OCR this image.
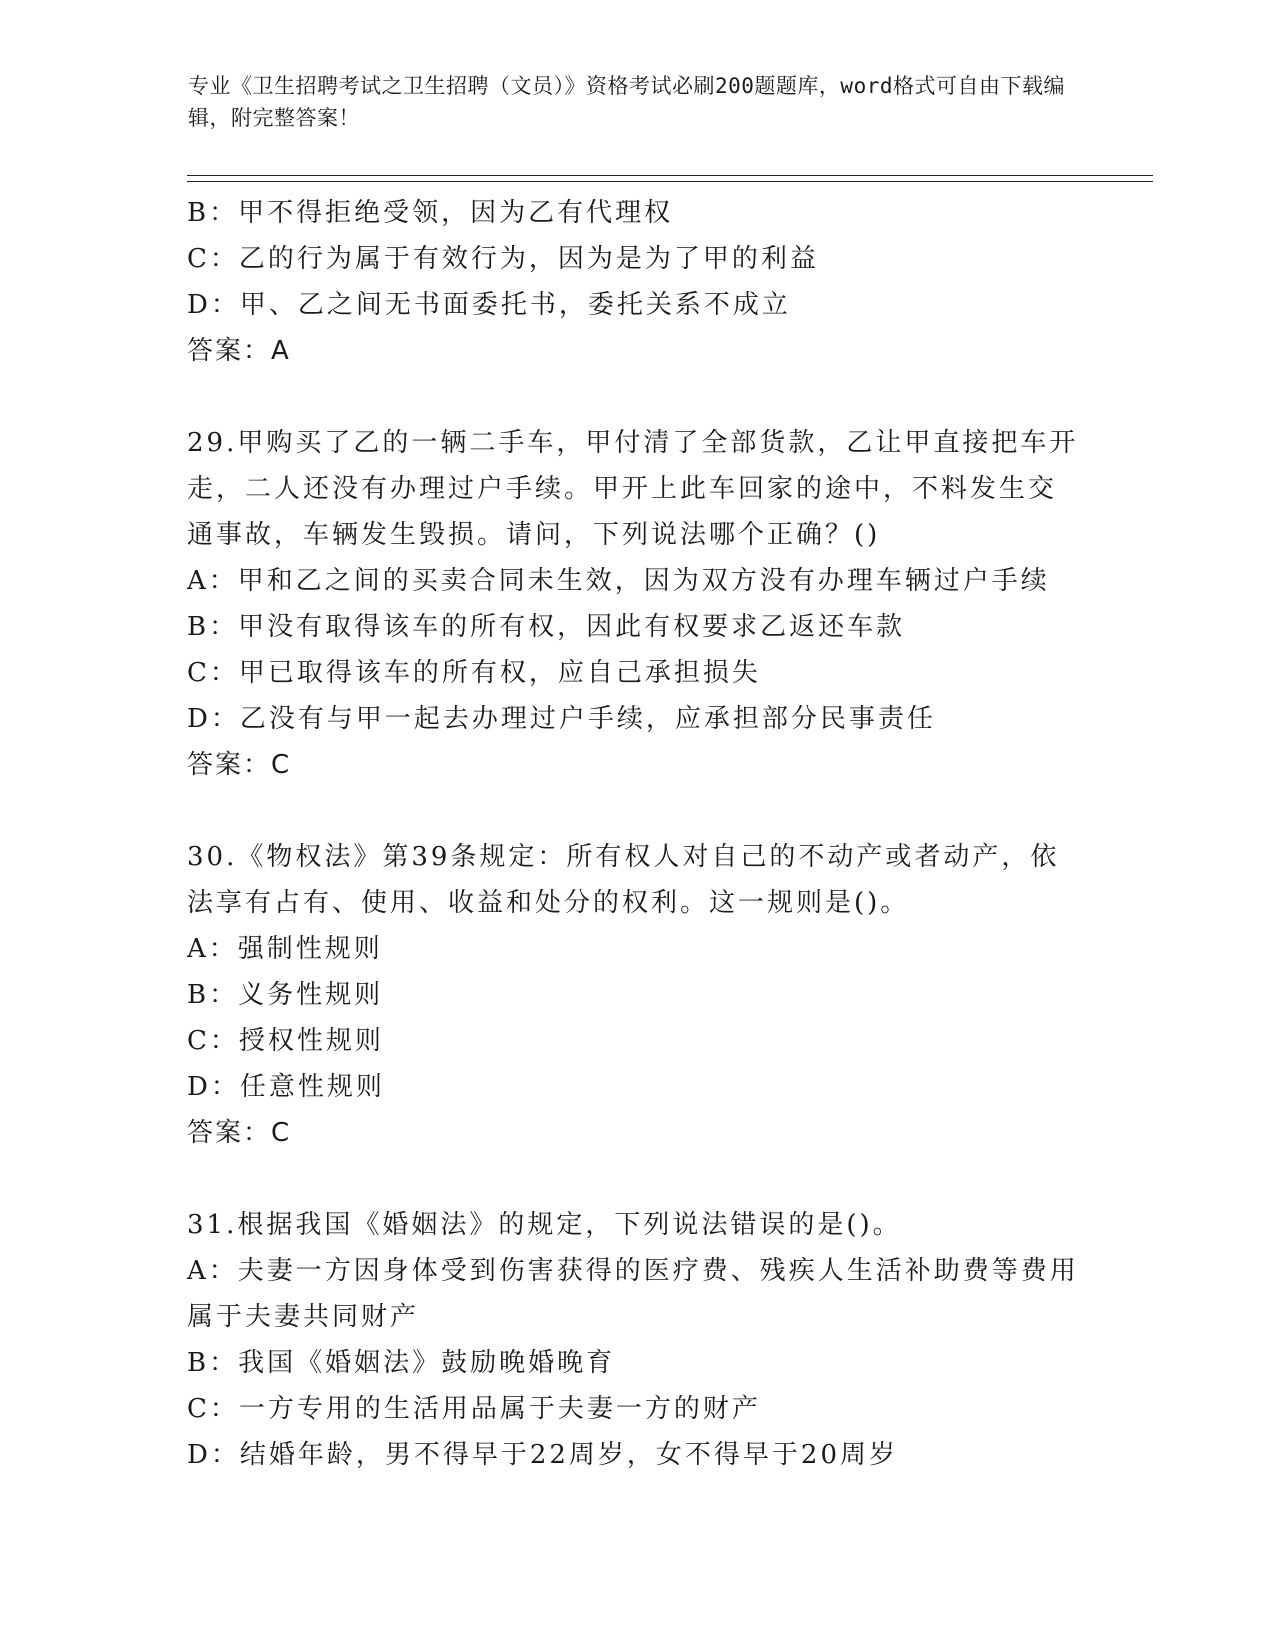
专业《卫生招聘考试之卫生招聘（文员）》资格考试必刷200题题库，word格式可自由下载编辑，附完整答案！

B：甲不得拒绝受领，因为乙有代理权

C：乙的行为属于有效行为，因为是为了甲的利益

D：甲、乙之间无书面委托书，委托关系不成立

答案：A

29.甲购买了乙的一辆二手车，甲付清了全部货款，乙让甲直接把车开

走，二人还没有办理过户手续。甲开上此车回家的途中，不料发生交

通事故，车辆发生毁损。请问，下列说法哪个正确？()

A：甲和乙之间的买卖合同未生效，因为双方没有办理车辆过户手续

B：甲没有取得该车的所有权，因此有权要求乙返还车款

C：甲已取得该车的所有权，应自己承担损失

D：乙没有与甲一起去办理过户手续，应承担部分民事责任

答案：C

30.《物权法》第39条规定：所有权人对自己的不动产或者动产，依

法享有占有、使用、收益和处分的权利。这一规则是()。

A：强制性规则

B：义务性规则

C：授权性规则

D：任意性规则

答案：C

31.根据我国《婚姻法》的规定，下列说法错误的是()。

A：夫妻一方因身体受到伤害获得的医疗费、残疾人生活补助费等费用

属于夫妻共同财产

B：我国《婚姻法》鼓励晚婚晚育

C：一方专用的生活用品属于夫妻一方的财产

D：结婚年龄，男不得早于22周岁，女不得早于20周岁
